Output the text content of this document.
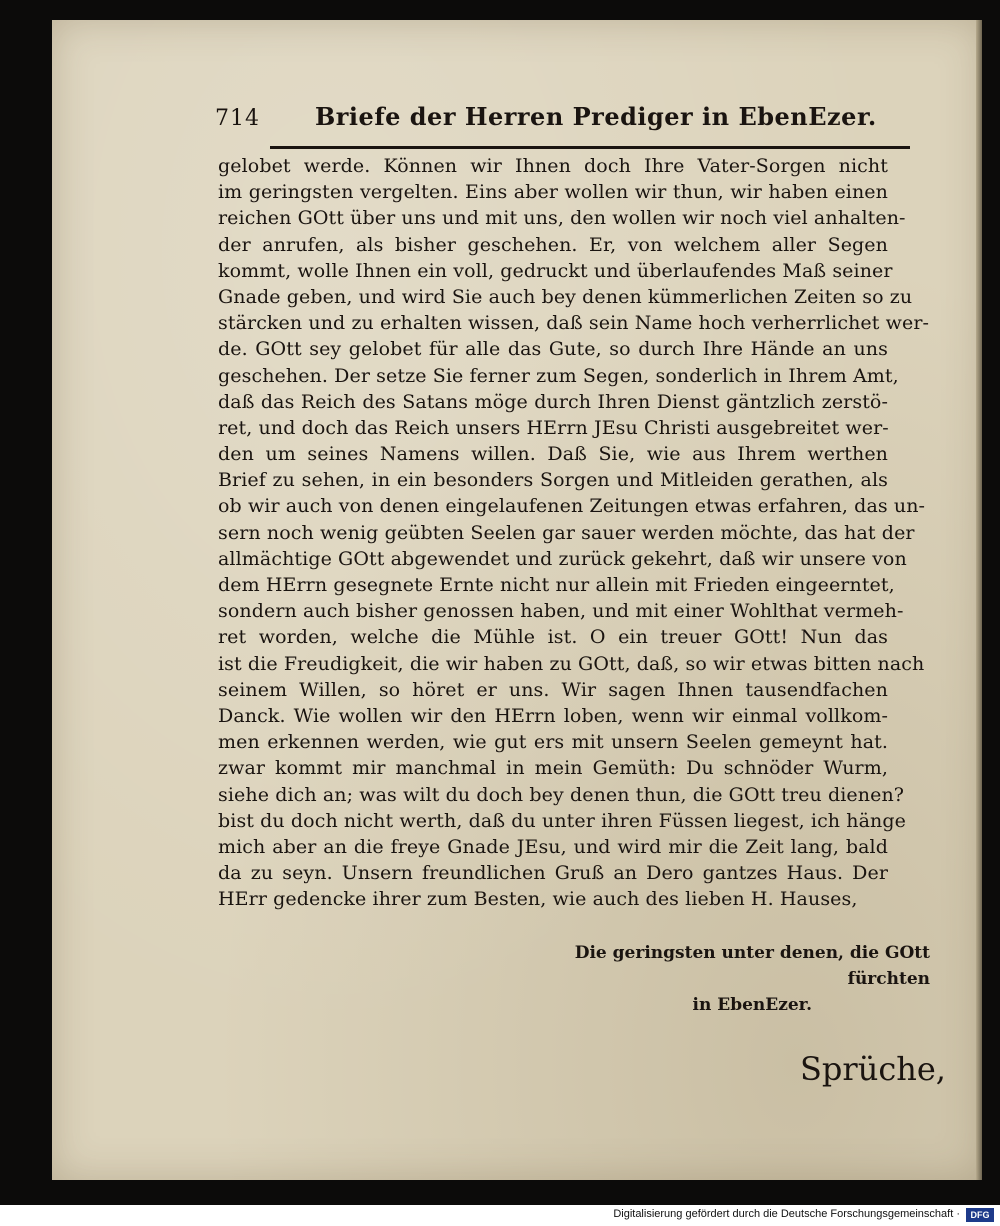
714 Briefe der Herren Prediger in EbenEzer.
gelobet werde. Können wir Ihnen doch Ihre Vater-Sorgen nicht
im geringsten vergelten. Eins aber wollen wir thun, wir haben einen
reichen GOtt über uns und mit uns, den wollen wir noch viel anhalten-
der anrufen, als bisher geschehen. Er, von welchem aller Segen
kommt, wolle Ihnen ein voll, gedruckt und überlaufendes Maß seiner
Gnade geben, und wird Sie auch bey denen kümmerlichen Zeiten so zu
stärcken und zu erhalten wissen, daß sein Name hoch verherrlichet wer-
de. GOtt sey gelobet für alle das Gute, so durch Ihre Hände an uns
geschehen. Der setze Sie ferner zum Segen, sonderlich in Ihrem Amt,
daß das Reich des Satans möge durch Ihren Dienst gäntzlich zerstö-
ret, und doch das Reich unsers HErrn JEsu Christi ausgebreitet wer-
den um seines Namens willen. Daß Sie, wie aus Ihrem werthen
Brief zu sehen, in ein besonders Sorgen und Mitleiden gerathen, als
ob wir auch von denen eingelaufenen Zeitungen etwas erfahren, das un-
sern noch wenig geübten Seelen gar sauer werden möchte, das hat der
allmächtige GOtt abgewendet und zurück gekehrt, daß wir unsere von
dem HErrn gesegnete Ernte nicht nur allein mit Frieden eingeerntet,
sondern auch bisher genossen haben, und mit einer Wohlthat vermeh-
ret worden, welche die Mühle ist. O ein treuer GOtt! Nun das
ist die Freudigkeit, die wir haben zu GOtt, daß, so wir etwas bitten nach
seinem Willen, so höret er uns. Wir sagen Ihnen tausendfachen
Danck. Wie wollen wir den HErrn loben, wenn wir einmal vollkom-
men erkennen werden, wie gut ers mit unsern Seelen gemeynt hat.
zwar kommt mir manchmal in mein Gemüth: Du schnöder Wurm,
siehe dich an; was wilt du doch bey denen thun, die GOtt treu dienen?
bist du doch nicht werth, daß du unter ihren Füssen liegest, ich hänge
mich aber an die freye Gnade JEsu, und wird mir die Zeit lang, bald
da zu seyn. Unsern freundlichen Gruß an Dero gantzes Haus. Der
HErr gedencke ihrer zum Besten, wie auch des lieben H. Hauses,
Die geringsten unter denen, die GOtt fürchten
in EbenEzer.
Sprüche,
Digitalisierung gefördert durch die Deutsche Forschungsgemeinschaft ·	DFG
